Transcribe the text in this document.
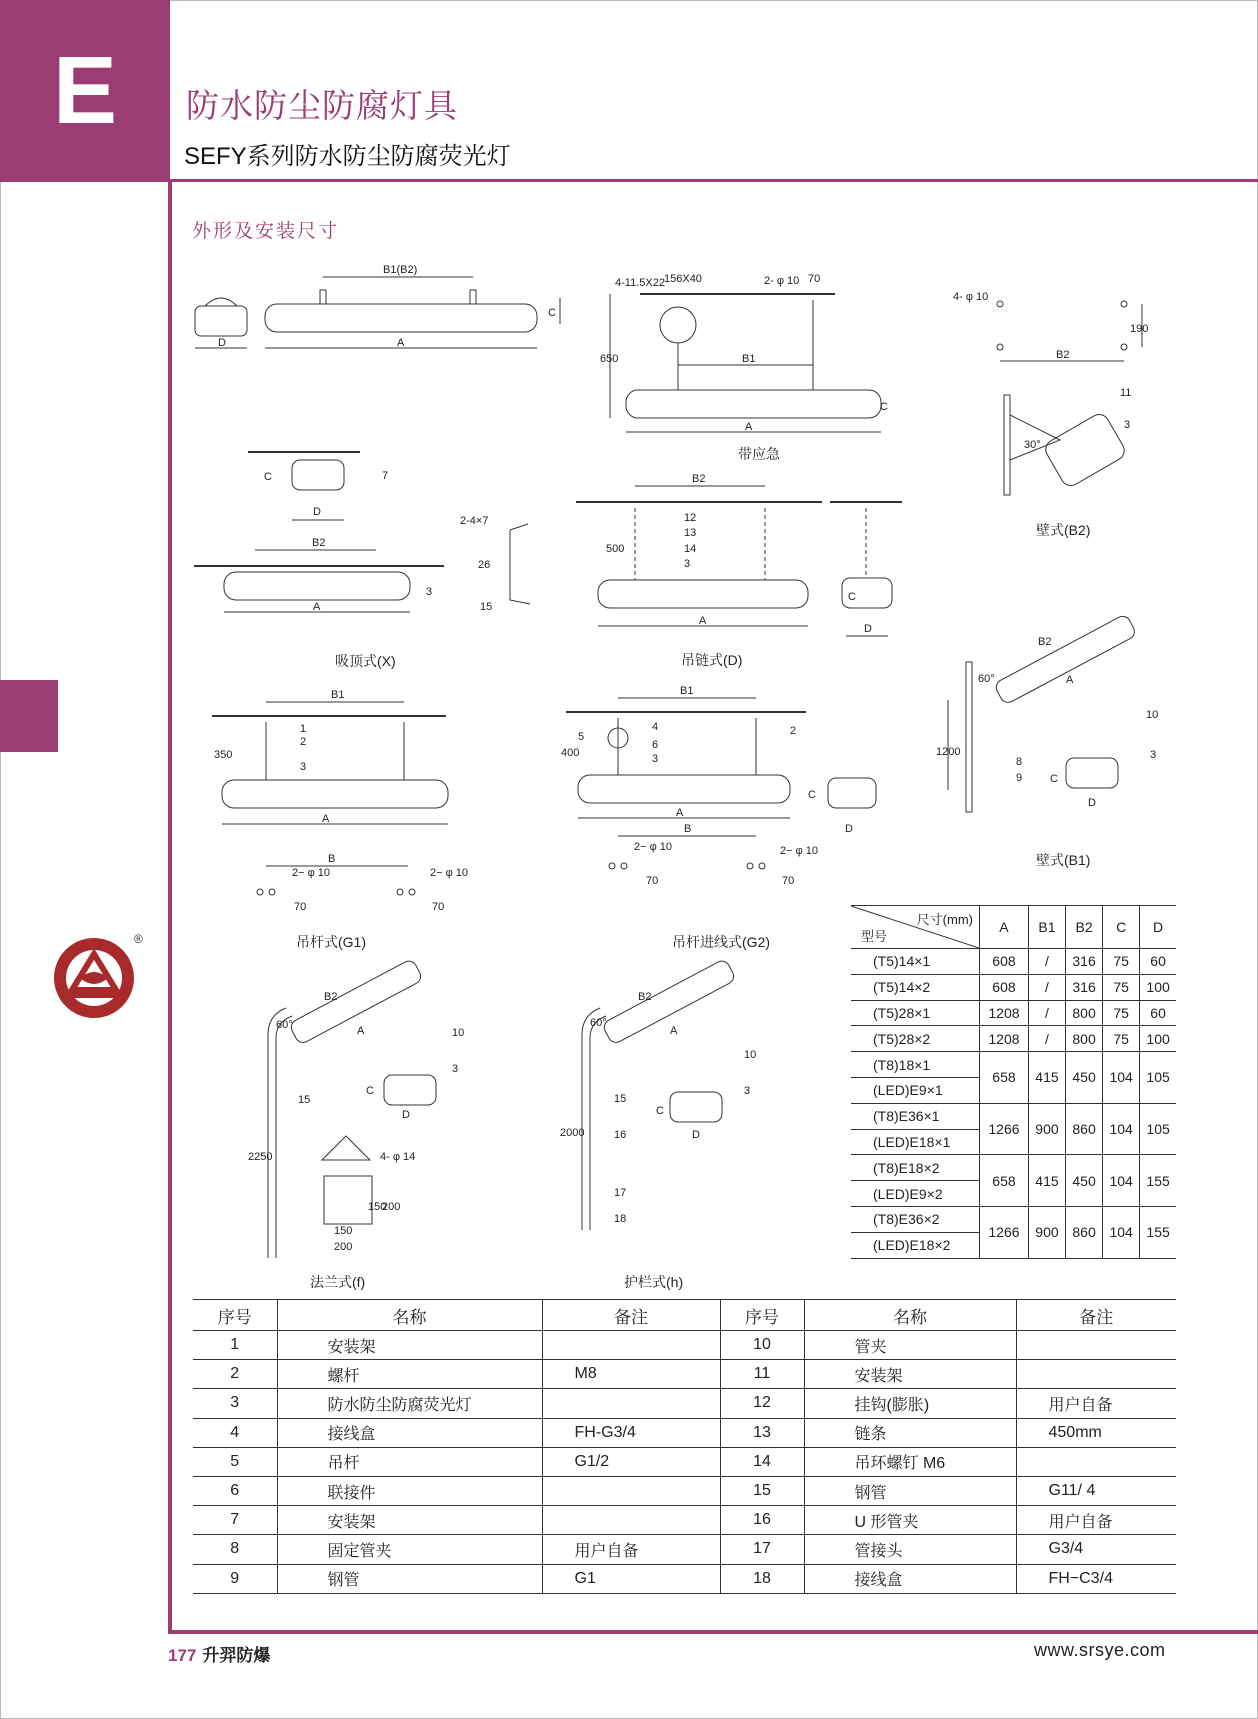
E	防水防尘防腐灯具
SEFY系列防水防尘防腐荧光灯
外形及安装尺寸
®
D
B1(B2)
A
C
B1
A
650
4-11.5X22 156X40	2- φ 10 70
C
4- φ 10
190
B2
11
3
30°
D
C	7
B2
A
3
2-4×7
26
15
B2
A
500
12
13
14
3
D
C
B2
A
60°
1200
8
9
10
3
C
D
B1
A
350
1
2
3
B
2− φ 10	2− φ 10
70	70
B1
A
400
4
5
6
3
2
C
D
B
2− φ 10	2− φ 10
70	70
B2
A
60°
2250
15
10
3
C
D
4- φ 14
150
200
150
200
B2
A
60°
2000
15
16
17
18
10
3
C
D
带应急
壁式(B2)
吸顶式(X)	吊链式(D)
壁式(B1)
吊杆式(G1)	吊杆进线式(G2)
法兰式(f)	护栏式(h)
尺寸(mm)
型号	A	B1	B2	C	D
(T5)14×1	608	/	316	75	60
(T5)14×2	608	/	316	75	100
(T5)28×1	1208	/	800	75	60
(T5)28×2	1208	/	800	75	100
(T8)18×1	658	415	450	104	105
(LED)E9×1					
(T8)E36×1	1266	900	860	104	105
(LED)E18×1					
(T8)E18×2	658	415	450	104	155
(LED)E9×2					
(T8)E36×2	1266	900	860	104	155
(LED)E18×2					
序号	名称	备注	序号	名称	备注
1	安装架		10	管夹	
2	螺杆	M8	11	安装架	
3	防水防尘防腐荧光灯		12	挂钩(膨胀)	用户自备
4	接线盒	FH-G3/4	13	链条	450mm
5	吊杆	G1/2	14	吊环螺钉 M6	
6	联接件		15	钢管	G11/ 4
7	安装架		16	U 形管夹	用户自备
8	固定管夹	用户自备	17	管接头	G3/4
9	钢管	G1	18	接线盒	FH−C3/4
177 升羿防爆	www.srsye.com
